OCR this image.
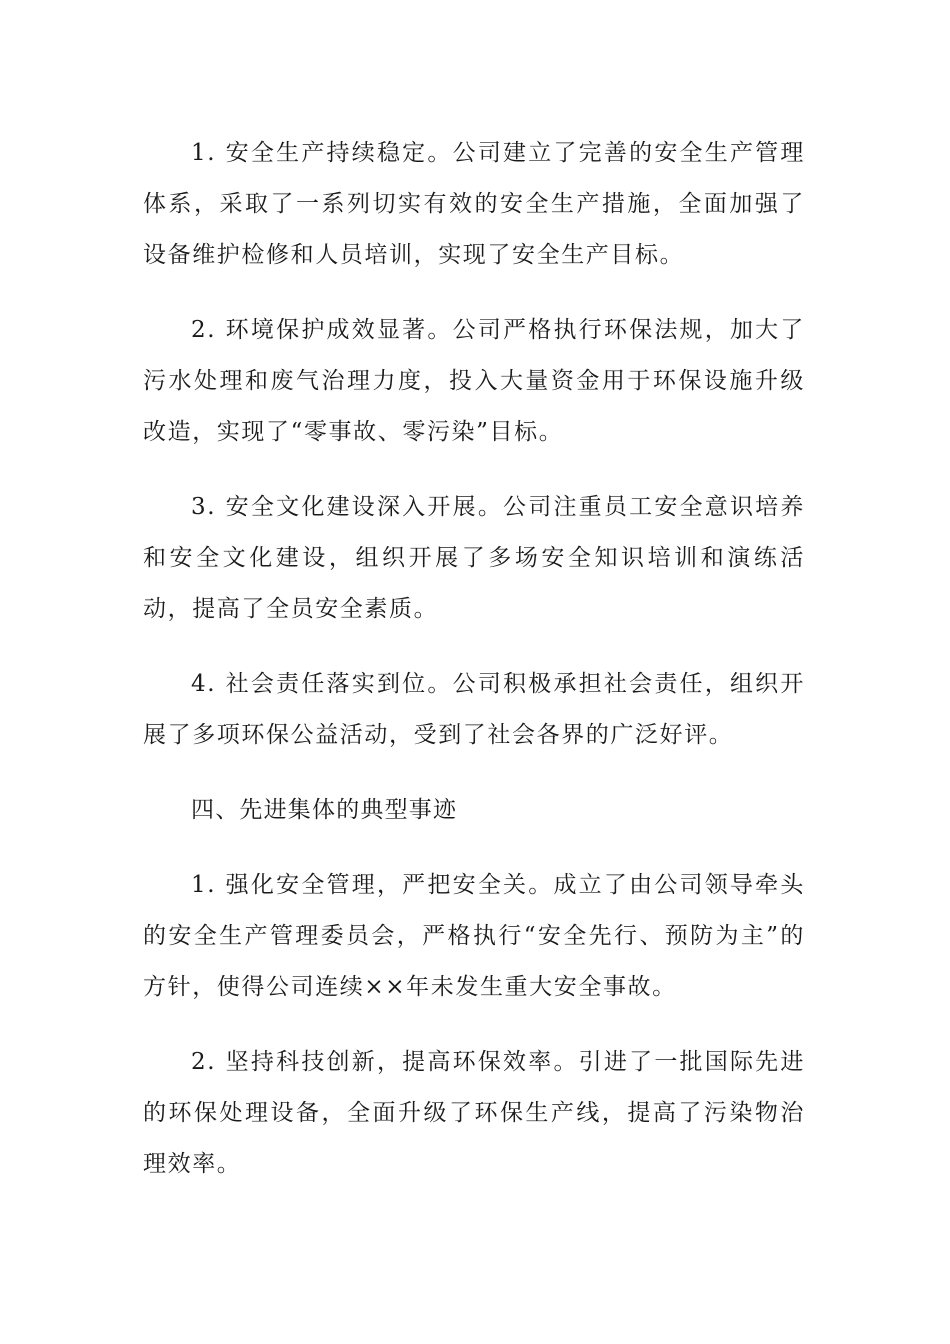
1. 安全生产持续稳定。公司建立了完善的安全生产管理体系，采取了一系列切实有效的安全生产措施，全面加强了设备维护检修和人员培训，实现了安全生产目标。

2. 环境保护成效显著。公司严格执行环保法规，加大了污水处理和废气治理力度，投入大量资金用于环保设施升级改造，实现了“零事故、零污染”目标。

3. 安全文化建设深入开展。公司注重员工安全意识培养和安全文化建设，组织开展了多场安全知识培训和演练活动，提高了全员安全素质。

4. 社会责任落实到位。公司积极承担社会责任，组织开展了多项环保公益活动，受到了社会各界的广泛好评。

四、先进集体的典型事迹

1. 强化安全管理，严把安全关。成立了由公司领导牵头的安全生产管理委员会，严格执行“安全先行、预防为主”的方针，使得公司连续××年未发生重大安全事故。

2. 坚持科技创新，提高环保效率。引进了一批国际先进的环保处理设备，全面升级了环保生产线，提高了污染物治理效率。
